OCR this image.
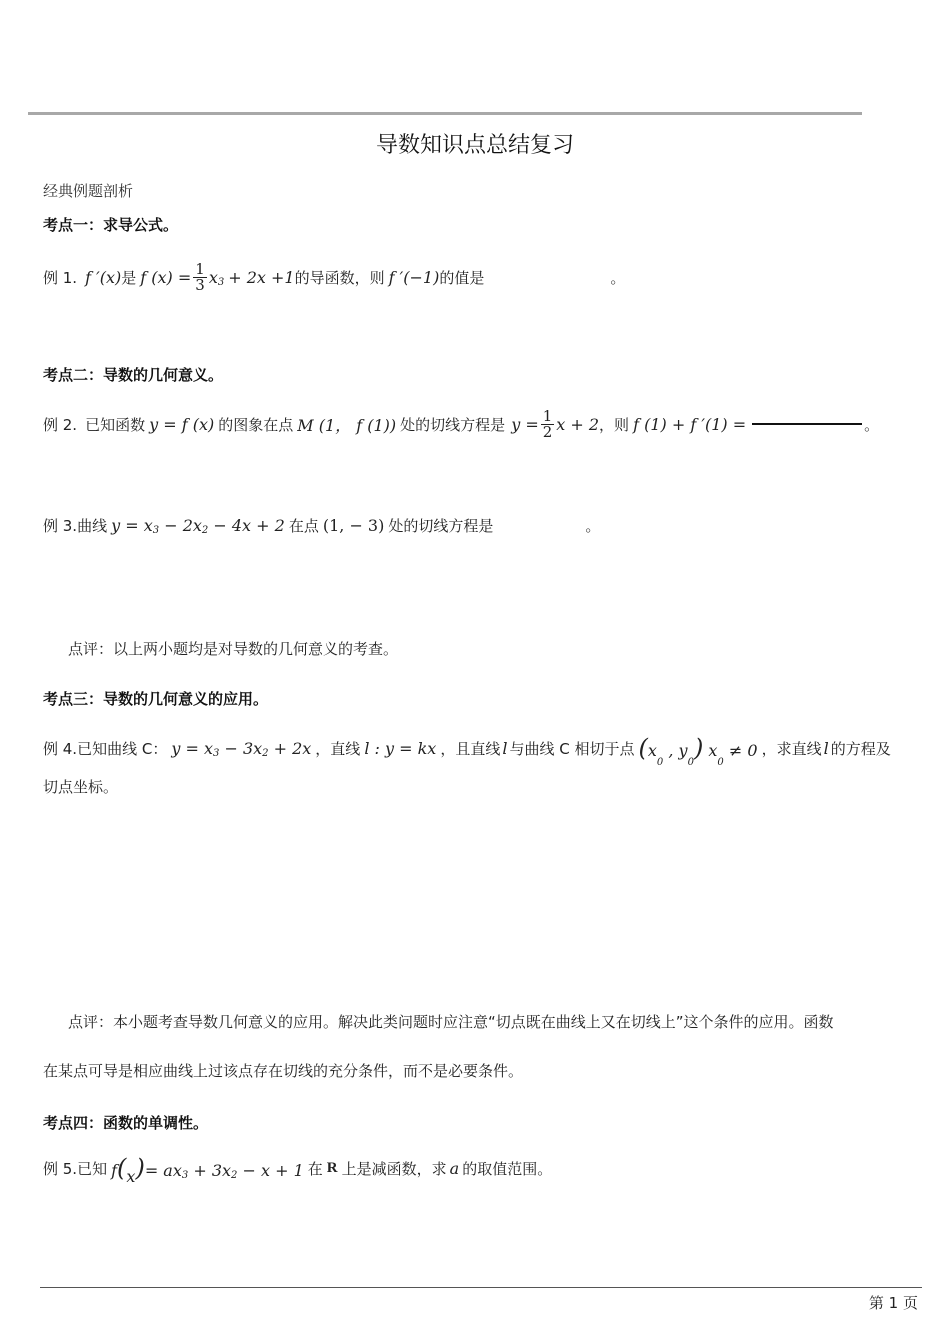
导数知识点总结复习
经典例题剖析
考点一：求导公式。
例 1. f ′(x) 是 f $(x) = \frac{1}{3} x^3 + 2x +1$ 的导函数，则 f ′(−1) 的值是	。
考点二：导数的几何意义。
例 2. 已知函数 y = f (x) 的图象在点 M (1， f (1)) 处的切线方程是 $y = \frac{1}{2}$ x + 2 ，则 f (1) + f ′(1) =	。
例 3. 曲线 $y = x^3 - 2x^2 - 4x + 2$ 在点 (1, − 3) 处的切线方程是	。
点评：以上两小题均是对导数的几何意义的考查。
考点三：导数的几何意义的应用。
例 4. 已知曲线 C： $y = x^3 - 3x^2 + 2x$ ，直线 l : y = kx ，且直线 l 与曲线 C 相切于点 ($x_0$ , $y_0$) $x_0 \ne 0$ ，求直线 l 的方程及
切点坐标。
点评：本小题考查导数几何意义的应用。解决此类问题时应注意“切点既在曲线上又在切线上”这个条件的应用。函数
在某点可导是相应曲线上过该点存在切线的充分条件，而不是必要条件。
考点四：函数的单调性。
例 5. 已知 $f(x)= ax^3 + 3x^2 - x + 1$ 在 R 上是减函数，求 a 的取值范围。
第 1 页
